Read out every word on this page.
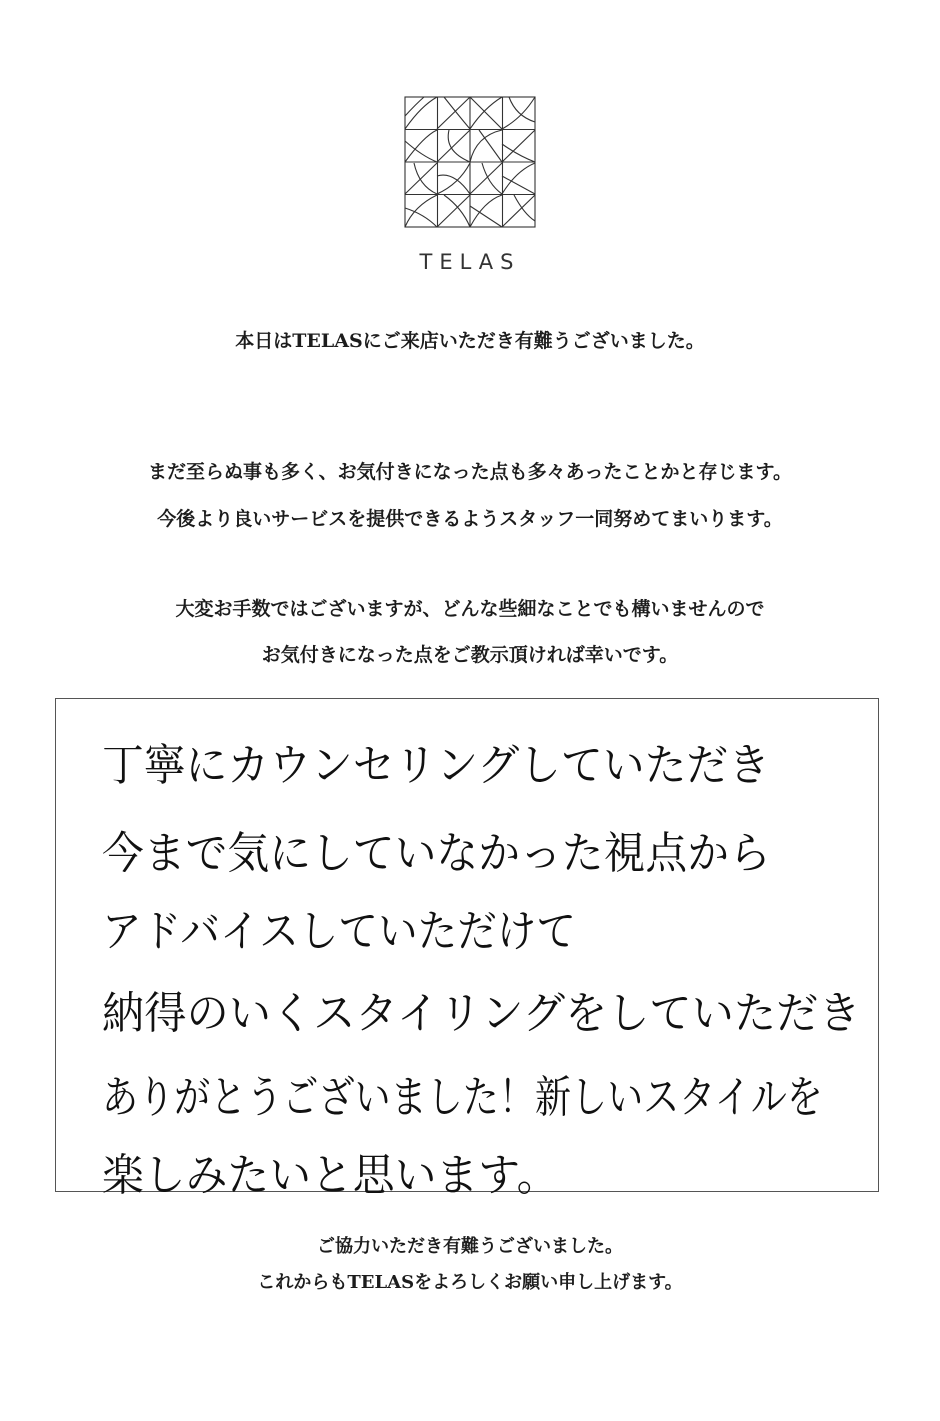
TELAS
本日はTELASにご来店いただき有難うございました。
まだ至らぬ事も多く、お気付きになった点も多々あったことかと存じます。
今後より良いサービスを提供できるようスタッフ一同努めてまいります。
大変お手数ではございますが、どんな些細なことでも構いませんので
お気付きになった点をご教示頂ければ幸いです。
丁寧にカウンセリングしていただき
今まで気にしていなかった視点から
アドバイスしていただけて
納得のいくスタイリングをしていただき
ありがとうございました！新しいスタイルを
楽しみたいと思います。
ご協力いただき有難うございました。
これからもTELASをよろしくお願い申し上げます。
